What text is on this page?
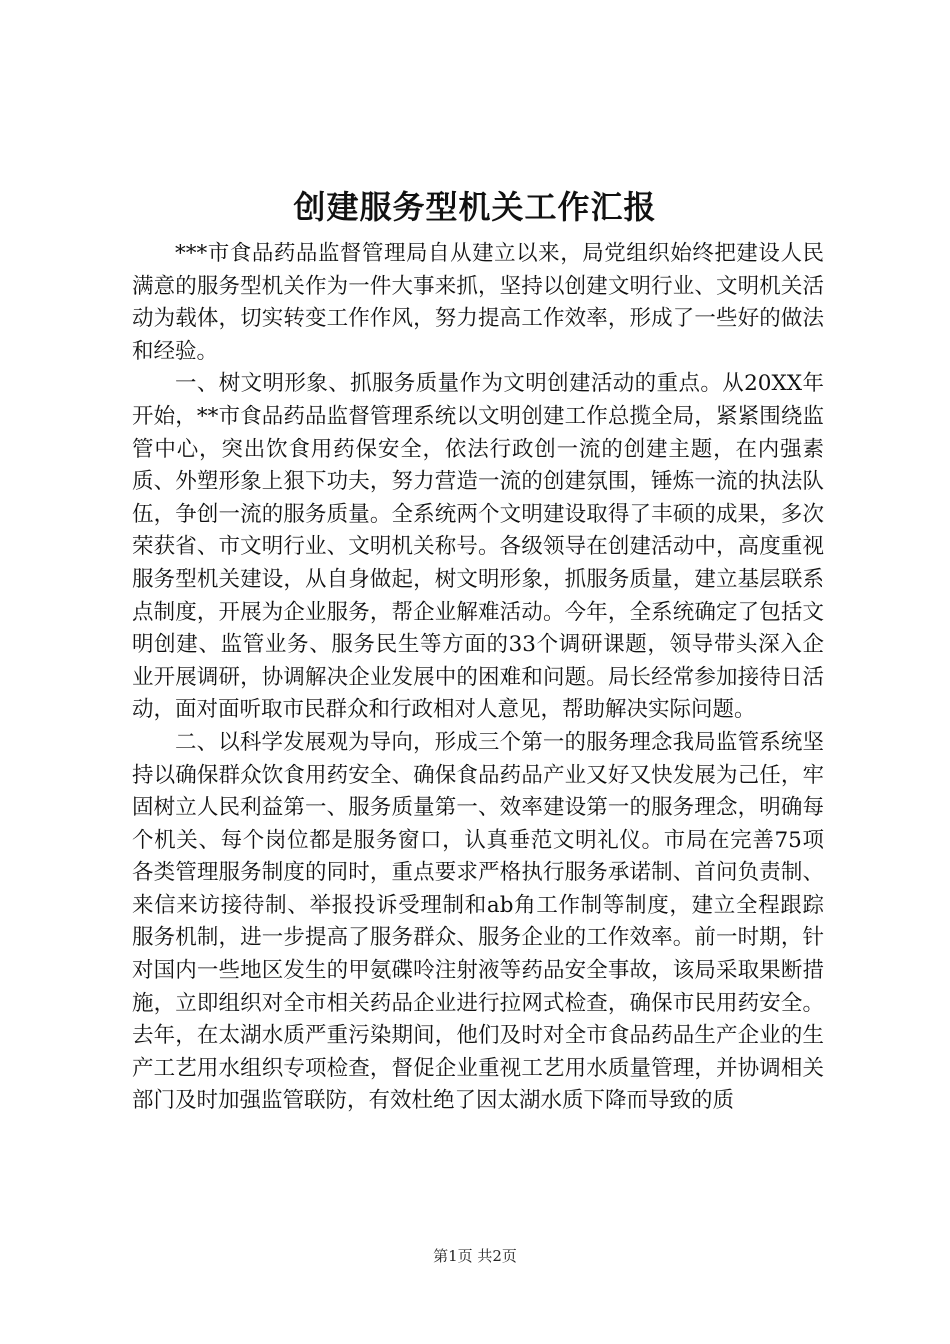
创建服务型机关工作汇报

***市食品药品监督管理局自从建立以来，局党组织始终把建设人民满意的服务型机关作为一件大事来抓，坚持以创建文明行业、文明机关活动为载体，切实转变工作作风，努力提高工作效率，形成了一些好的做法和经验。

一、树文明形象、抓服务质量作为文明创建活动的重点。从20XX年开始，**市食品药品监督管理系统以文明创建工作总揽全局，紧紧围绕监管中心，突出饮食用药保安全，依法行政创一流的创建主题，在内强素质、外塑形象上狠下功夫，努力营造一流的创建氛围，锤炼一流的执法队伍，争创一流的服务质量。全系统两个文明建设取得了丰硕的成果，多次荣获省、市文明行业、文明机关称号。各级领导在创建活动中，高度重视服务型机关建设，从自身做起，树文明形象，抓服务质量，建立基层联系点制度，开展为企业服务，帮企业解难活动。今年，全系统确定了包括文明创建、监管业务、服务民生等方面的33个调研课题，领导带头深入企业开展调研，协调解决企业发展中的困难和问题。局长经常参加接待日活动，面对面听取市民群众和行政相对人意见，帮助解决实际问题。

二、以科学发展观为导向，形成三个第一的服务理念我局监管系统坚持以确保群众饮食用药安全、确保食品药品产业又好又快发展为己任，牢固树立人民利益第一、服务质量第一、效率建设第一的服务理念，明确每个机关、每个岗位都是服务窗口，认真垂范文明礼仪。市局在完善75项各类管理服务制度的同时，重点要求严格执行服务承诺制、首问负责制、来信来访接待制、举报投诉受理制和ab角工作制等制度，建立全程跟踪服务机制，进一步提高了服务群众、服务企业的工作效率。前一时期，针对国内一些地区发生的甲氨碟呤注射液等药品安全事故，该局采取果断措施，立即组织对全市相关药品企业进行拉网式检查，确保市民用药安全。去年，在太湖水质严重污染期间，他们及时对全市食品药品生产企业的生产工艺用水组织专项检查，督促企业重视工艺用水质量管理，并协调相关部门及时加强监管联防，有效杜绝了因太湖水质下降而导致的质

第1页 共2页
